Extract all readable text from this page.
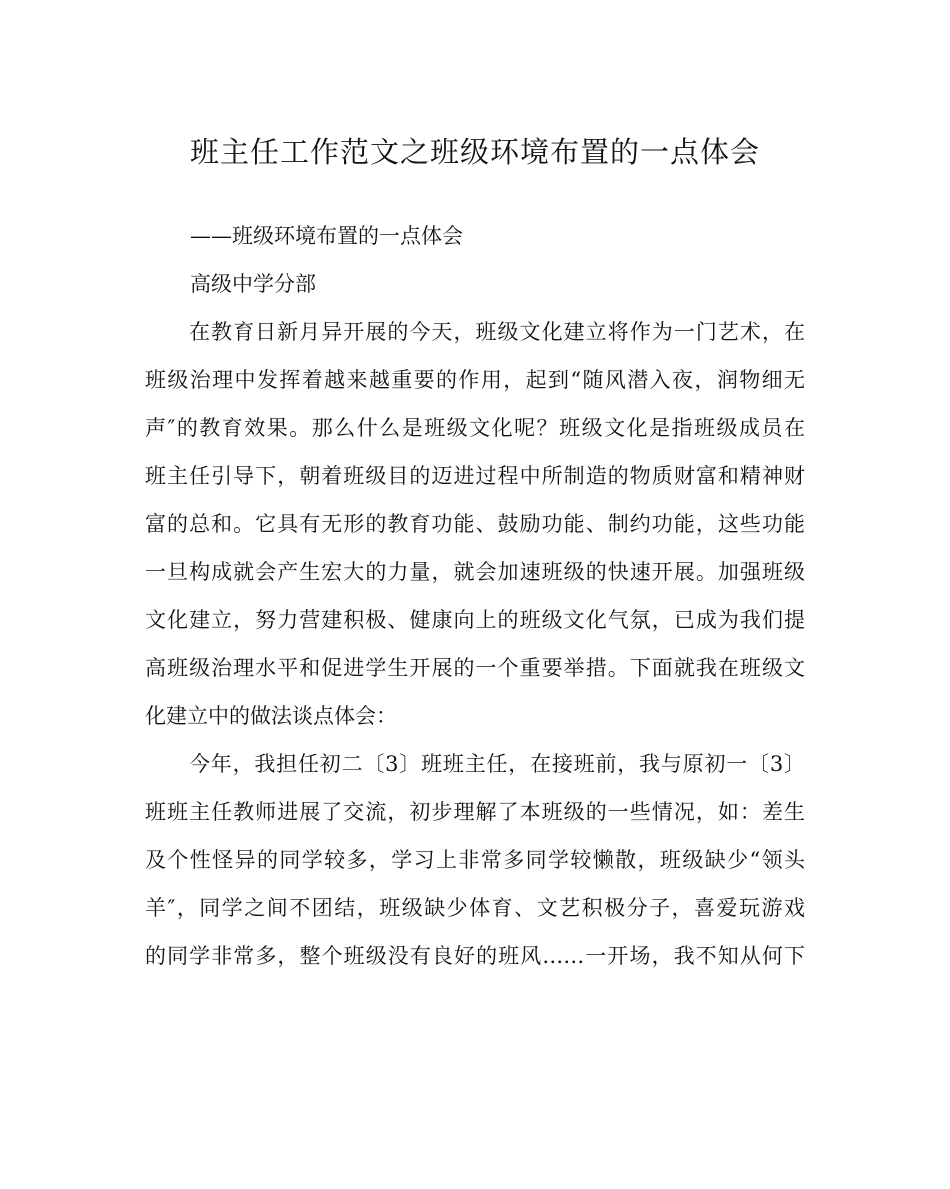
班主任工作范文之班级环境布置的一点体会
——班级环境布置的一点体会
高级中学分部
在教育日新月异开展的今天，班级文化建立将作为一门艺术，在
班级治理中发挥着越来越重要的作用，起到“随风潜入夜，润物细无
声″的教育效果。那么什么是班级文化呢？班级文化是指班级成员在
班主任引导下，朝着班级目的迈进过程中所制造的物质财富和精神财
富的总和。它具有无形的教育功能、鼓励功能、制约功能，这些功能
一旦构成就会产生宏大的力量，就会加速班级的快速开展。加强班级
文化建立，努力营建积极、健康向上的班级文化气氛，已成为我们提
高班级治理水平和促进学生开展的一个重要举措。下面就我在班级文
化建立中的做法谈点体会：
今年，我担任初二〔3〕班班主任，在接班前，我与原初一〔3〕
班班主任教师进展了交流，初步理解了本班级的一些情况，如：差生
及个性怪异的同学较多，学习上非常多同学较懒散，班级缺少“领头
羊″，同学之间不团结，班级缺少体育、文艺积极分子，喜爱玩游戏
的同学非常多，整个班级没有良好的班风……一开场，我不知从何下
